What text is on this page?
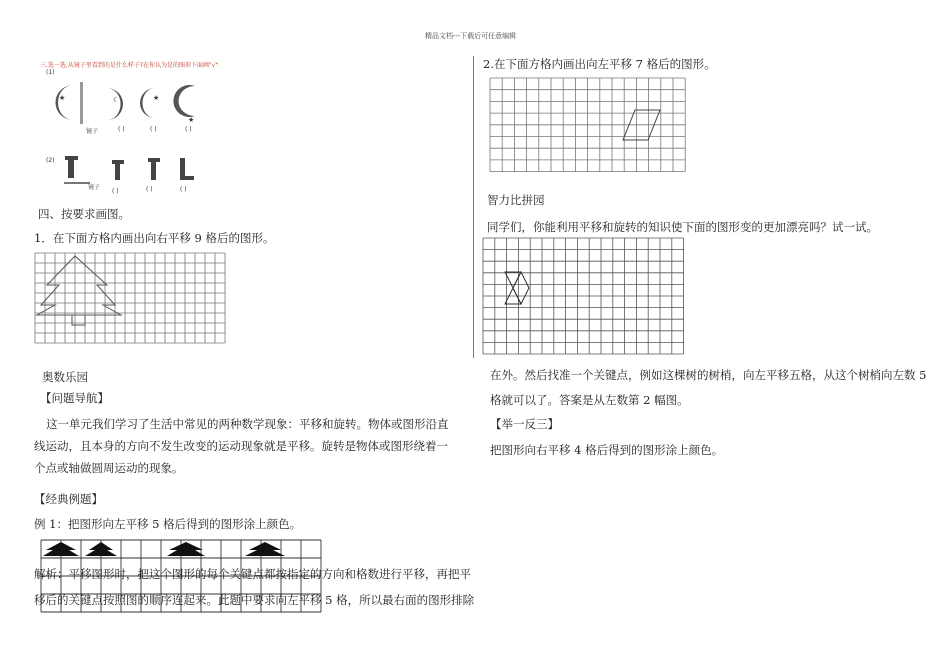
精品文档---下载后可任意编辑
三.选一选,从镜子里看到的是什么样子?在你认为是的图形下面画"√"
(1)
★	☾	★
★
镜子	( )	( )	( )
(2)
镜子
( )	( )	( )
四、按要求画图。
1．在下面方格内画出向右平移 9 格后的图形。
奥数乐园
【问题导航】
这一单元我们学习了生活中常见的两种数学现象：平移和旋转。物体或图形沿直线运动，且本身的方向不发生改变的运动现象就是平移。旋转是物体或图形绕着一个点或轴做圆周运动的现象。
【经典例题】
例 1：把图形向左平移 5 格后得到的图形涂上颜色。
解析：平移图形时，把这个图形的每个关键点都按指定的方向和格数进行平移，再把平
移后的关键点按照图的顺序连起来。此题中要求向左平移 5 格，所以最右面的图形排除
2.在下面方格内画出向左平移 7 格后的图形。
智力比拼园
同学们，你能利用平移和旋转的知识使下面的图形变的更加漂亮吗？试一试。
在外。然后找准一个关键点，例如这棵树的树梢，向左平移五格，从这个树梢向左数 5
格就可以了。答案是从左数第 2 幅图。
【举一反三】
把图形向右平移 4 格后得到的图形涂上颜色。
